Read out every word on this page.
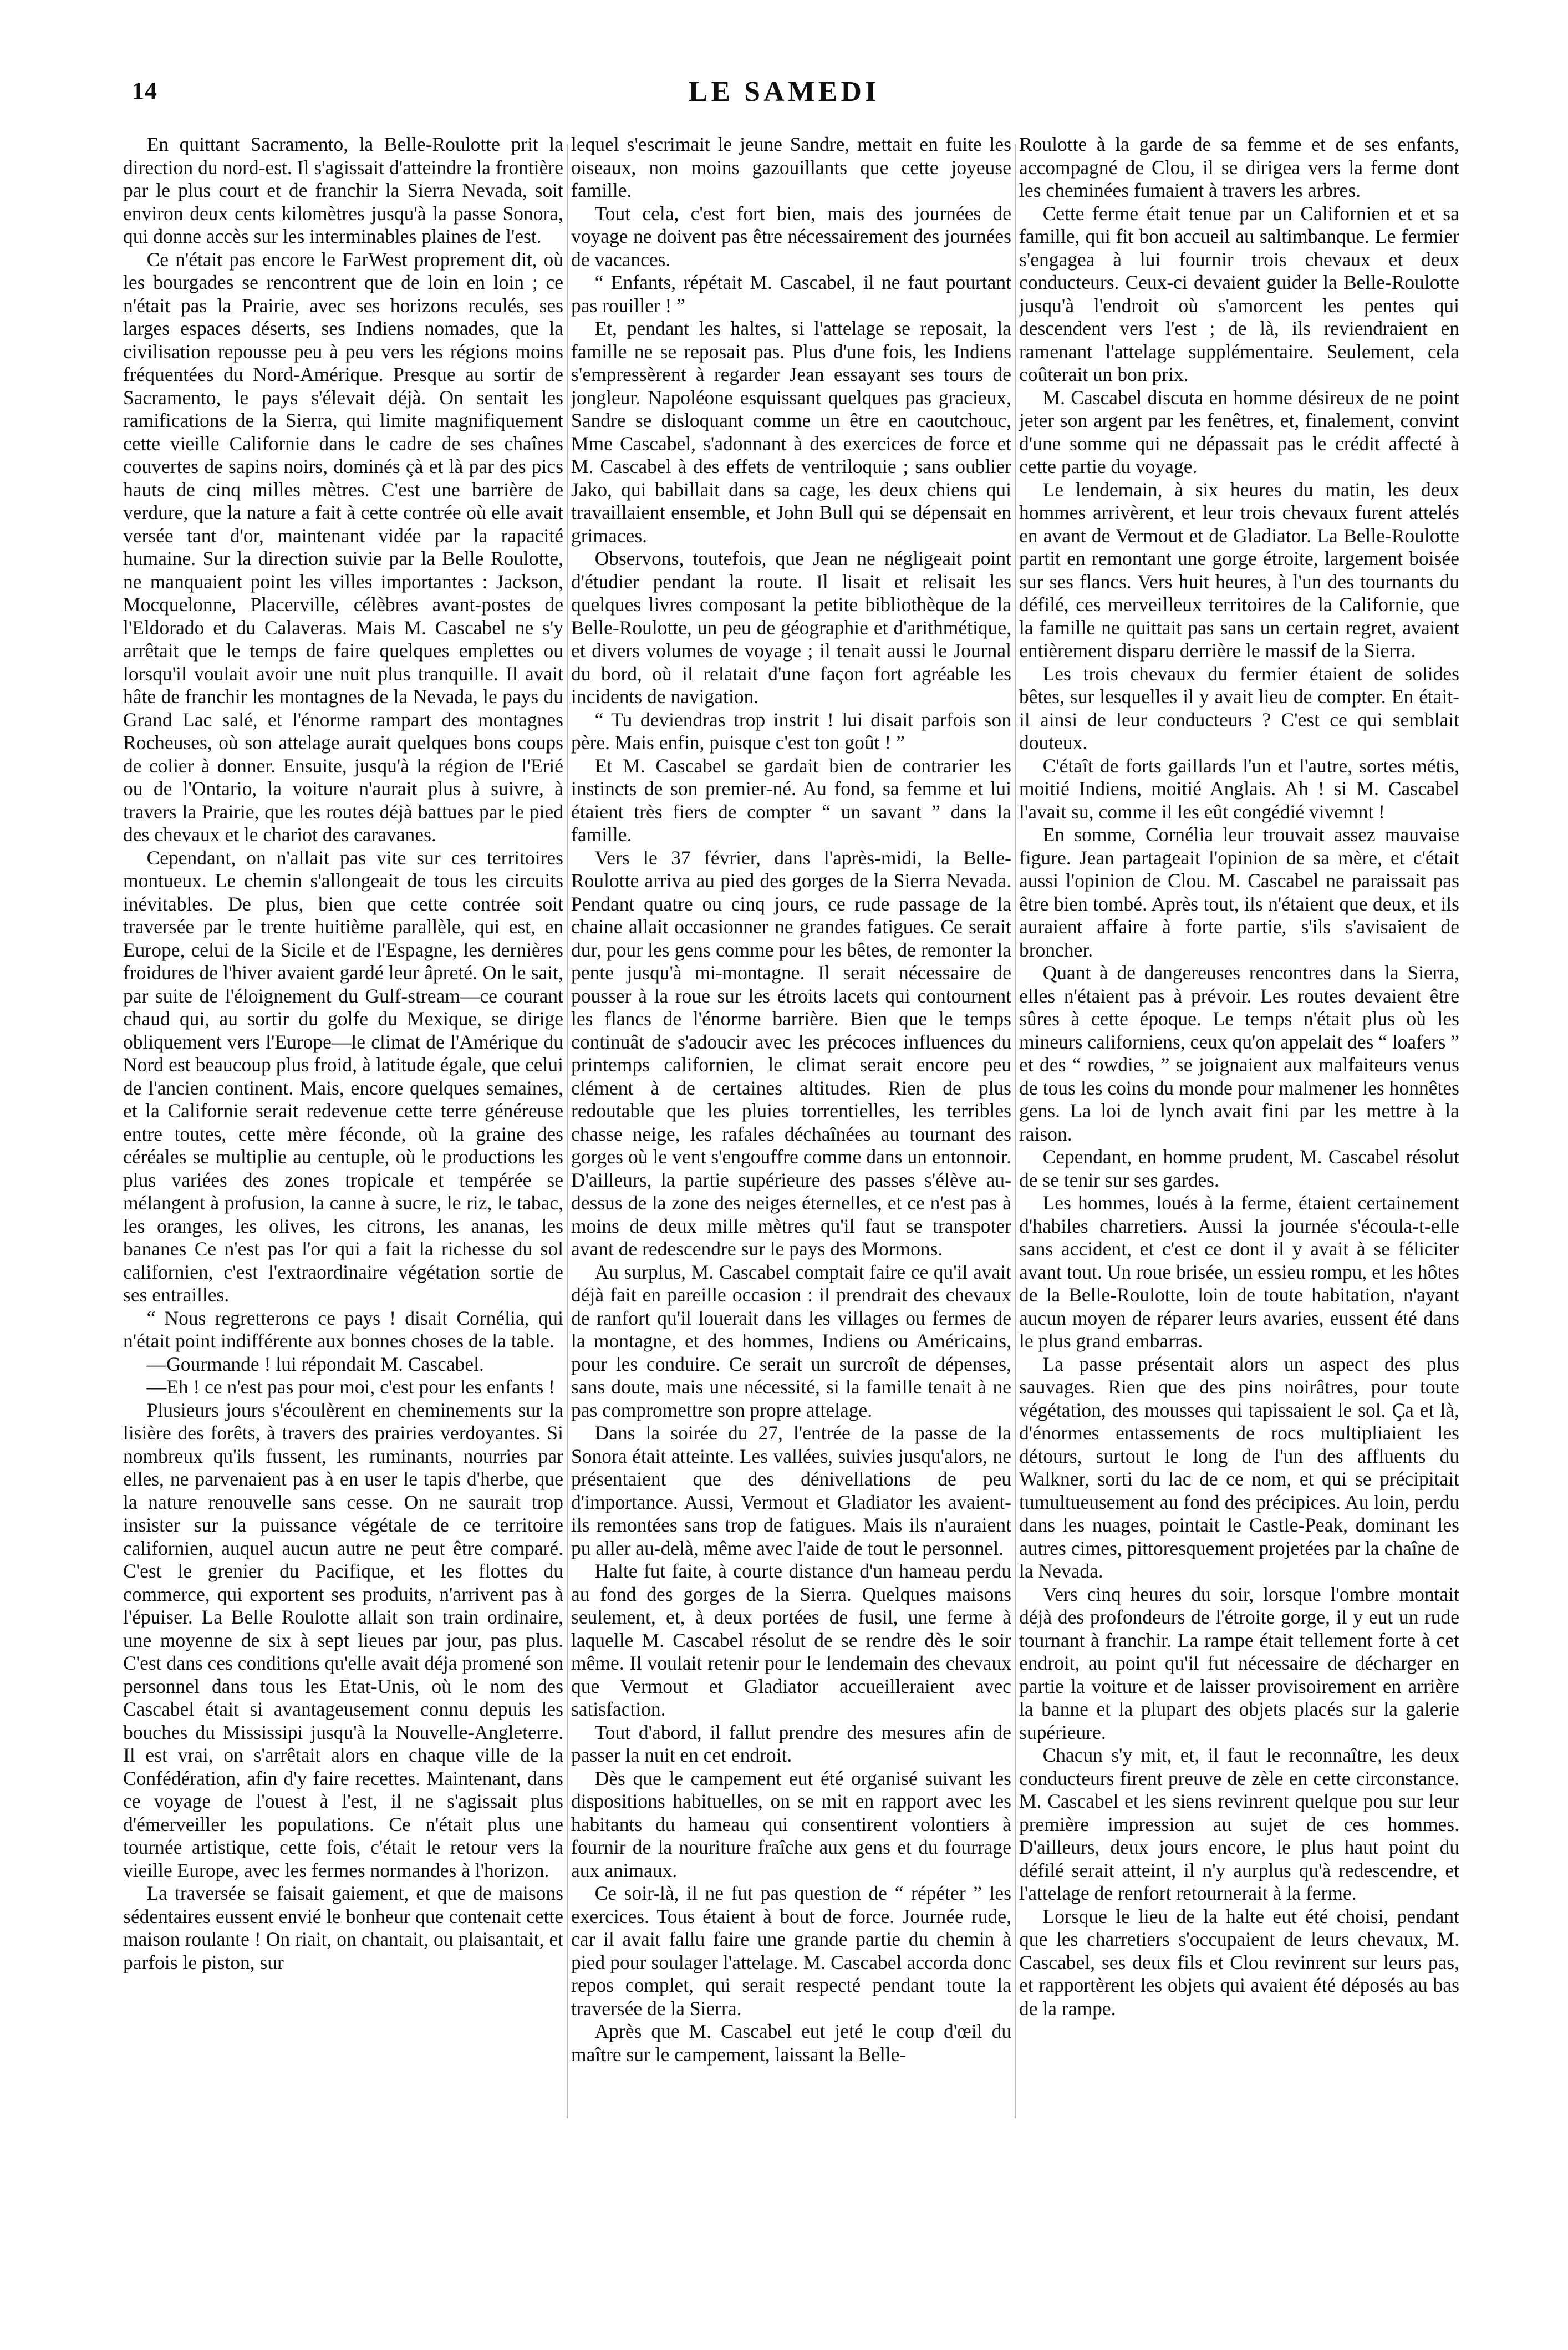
14	LE SAMEDI

En quittant Sacramento, la Belle-Roulotte prit la direction du nord-est. Il s'agissait d'atteindre la frontière par le plus court et de franchir la Sierra Nevada, soit environ deux cents kilomètres jusqu'à la passe Sonora, qui donne accès sur les interminables plaines de l'est.

Ce n'était pas encore le FarWest proprement dit, où les bourgades se rencontrent que de loin en loin ; ce n'était pas la Prairie, avec ses horizons reculés, ses larges espaces déserts, ses Indiens nomades, que la civilisation repousse peu à peu vers les régions moins fréquentées du Nord-Amérique. Presque au sortir de Sacramento, le pays s'élevait déjà. On sentait les ramifications de la Sierra, qui limite magnifiquement cette vieille Californie dans le cadre de ses chaînes couvertes de sapins noirs, dominés çà et là par des pics hauts de cinq milles mètres. C'est une barrière de verdure, que la nature a fait à cette contrée où elle avait versée tant d'or, maintenant vidée par la rapacité humaine. Sur la direction suivie par la Belle Roulotte, ne manquaient point les villes importantes : Jackson, Mocquelonne, Placerville, célèbres avant-postes de l'Eldorado et du Calaveras. Mais M. Cascabel ne s'y arrêtait que le temps de faire quelques emplettes ou lorsqu'il voulait avoir une nuit plus tranquille. Il avait hâte de franchir les montagnes de la Nevada, le pays du Grand Lac salé, et l'énorme rampart des montagnes Rocheuses, où son attelage aurait quelques bons coups de colier à donner. Ensuite, jusqu'à la région de l'Erié ou de l'Ontario, la voiture n'aurait plus à suivre, à travers la Prairie, que les routes déjà battues par le pied des chevaux et le chariot des caravanes.

Cependant, on n'allait pas vite sur ces territoires montueux. Le chemin s'allongeait de tous les circuits inévitables. De plus, bien que cette contrée soit traversée par le trente huitième parallèle, qui est, en Europe, celui de la Sicile et de l'Espagne, les dernières froidures de l'hiver avaient gardé leur âpreté. On le sait, par suite de l'éloignement du Gulf-stream—ce courant chaud qui, au sortir du golfe du Mexique, se dirige obliquement vers l'Europe—le climat de l'Amérique du Nord est beaucoup plus froid, à latitude égale, que celui de l'ancien continent. Mais, encore quelques semaines, et la Californie serait redevenue cette terre généreuse entre toutes, cette mère féconde, où la graine des céréales se multiplie au centuple, où le productions les plus variées des zones tropicale et tempérée se mélangent à profusion, la canne à sucre, le riz, le tabac, les oranges, les olives, les citrons, les ananas, les bananes Ce n'est pas l'or qui a fait la richesse du sol californien, c'est l'extraordinaire végétation sortie de ses entrailles.

“ Nous regretterons ce pays ! disait Cornélia, qui n'était point indifférente aux bonnes choses de la table.

—Gourmande ! lui répondait M. Cascabel.

—Eh ! ce n'est pas pour moi, c'est pour les enfants !

Plusieurs jours s'écoulèrent en cheminements sur la lisière des forêts, à travers des prairies verdoyantes. Si nombreux qu'ils fussent, les ruminants, nourries par elles, ne parvenaient pas à en user le tapis d'herbe, que la nature renouvelle sans cesse. On ne saurait trop insister sur la puissance végétale de ce territoire californien, auquel aucun autre ne peut être comparé. C'est le grenier du Pacifique, et les flottes du commerce, qui exportent ses produits, n'arrivent pas à l'épuiser. La Belle Roulotte allait son train ordinaire, une moyenne de six à sept lieues par jour, pas plus. C'est dans ces conditions qu'elle avait déja promené son personnel dans tous les Etat-Unis, où le nom des Cascabel était si avantageusement connu depuis les bouches du Mississipi jusqu'à la Nouvelle-Angleterre. Il est vrai, on s'arrêtait alors en chaque ville de la Confédération, afin d'y faire recettes. Maintenant, dans ce voyage de l'ouest à l'est, il ne s'agissait plus d'émerveiller les populations. Ce n'était plus une tournée artistique, cette fois, c'était le retour vers la vieille Europe, avec les fermes normandes à l'horizon.

La traversée se faisait gaiement, et que de maisons sédentaires eussent envié le bonheur que contenait cette maison roulante ! On riait, on chantait, ou plaisantait, et parfois le piston, sur

lequel s'escrimait le jeune Sandre, mettait en fuite les oiseaux, non moins gazouillants que cette joyeuse famille.

Tout cela, c'est fort bien, mais des journées de voyage ne doivent pas être nécessairement des journées de vacances.

“ Enfants, répétait M. Cascabel, il ne faut pourtant pas rouiller ! ”

Et, pendant les haltes, si l'attelage se reposait, la famille ne se reposait pas. Plus d'une fois, les Indiens s'empressèrent à regarder Jean essayant ses tours de jongleur. Napoléone esquissant quelques pas gracieux, Sandre se disloquant comme un être en caoutchouc, Mme Cascabel, s'adonnant à des exercices de force et M. Cascabel à des effets de ventriloquie ; sans oublier Jako, qui babillait dans sa cage, les deux chiens qui travaillaient ensemble, et John Bull qui se dépensait en grimaces.

Observons, toutefois, que Jean ne négligeait point d'étudier pendant la route. Il lisait et relisait les quelques livres composant la petite bibliothèque de la Belle-Roulotte, un peu de géographie et d'arithmétique, et divers volumes de voyage ; il tenait aussi le Journal du bord, où il relatait d'une façon fort agréable les incidents de navigation.

“ Tu deviendras trop instrit ! lui disait parfois son père. Mais enfin, puisque c'est ton goût ! ”

Et M. Cascabel se gardait bien de contrarier les instincts de son premier-né. Au fond, sa femme et lui étaient très fiers de compter “ un savant ” dans la famille.

Vers le 37 février, dans l'après-midi, la Belle-Roulotte arriva au pied des gorges de la Sierra Nevada. Pendant quatre ou cinq jours, ce rude passage de la chaine allait occasionner ne grandes fatigues. Ce serait dur, pour les gens comme pour les bêtes, de remonter la pente jusqu'à mi-montagne. Il serait nécessaire de pousser à la roue sur les étroits lacets qui contournent les flancs de l'énorme barrière. Bien que le temps continuât de s'adoucir avec les précoces influences du printemps californien, le climat serait encore peu clément à de certaines altitudes. Rien de plus redoutable que les pluies torrentielles, les terribles chasse neige, les rafales déchaînées au tournant des gorges où le vent s'engouffre comme dans un entonnoir. D'ailleurs, la partie supérieure des passes s'élève au-dessus de la zone des neiges éternelles, et ce n'est pas à moins de deux mille mètres qu'il faut se transpoter avant de redescendre sur le pays des Mormons.

Au surplus, M. Cascabel comptait faire ce qu'il avait déjà fait en pareille occasion : il prendrait des chevaux de ranfort qu'il louerait dans les villages ou fermes de la montagne, et des hommes, Indiens ou Américains, pour les conduire. Ce serait un surcroît de dépenses, sans doute, mais une nécessité, si la famille tenait à ne pas compromettre son propre attelage.

Dans la soirée du 27, l'entrée de la passe de la Sonora était atteinte. Les vallées, suivies jusqu'alors, ne présentaient que des dénivellations de peu d'importance. Aussi, Vermout et Gladiator les avaient-ils remontées sans trop de fatigues. Mais ils n'auraient pu aller au-delà, même avec l'aide de tout le personnel.

Halte fut faite, à courte distance d'un hameau perdu au fond des gorges de la Sierra. Quelques maisons seulement, et, à deux portées de fusil, une ferme à laquelle M. Cascabel résolut de se rendre dès le soir même. Il voulait retenir pour le lendemain des chevaux que Vermout et Gladiator accueilleraient avec satisfaction.

Tout d'abord, il fallut prendre des mesures afin de passer la nuit en cet endroit.

Dès que le campement eut été organisé suivant les dispositions habituelles, on se mit en rapport avec les habitants du hameau qui consentirent volontiers à fournir de la nouriture fraîche aux gens et du fourrage aux animaux.

Ce soir-là, il ne fut pas question de “ répéter ” les exercices. Tous étaient à bout de force. Journée rude, car il avait fallu faire une grande partie du chemin à pied pour soulager l'attelage. M. Cascabel accorda donc repos complet, qui serait respecté pendant toute la traversée de la Sierra.

Après que M. Cascabel eut jeté le coup d'œil du maître sur le campement, laissant la Belle-

Roulotte à la garde de sa femme et de ses enfants, accompagné de Clou, il se dirigea vers la ferme dont les cheminées fumaient à travers les arbres.

Cette ferme était tenue par un Californien et et sa famille, qui fit bon accueil au saltimbanque. Le fermier s'engagea à lui fournir trois chevaux et deux conducteurs. Ceux-ci devaient guider la Belle-Roulotte jusqu'à l'endroit où s'amorcent les pentes qui descendent vers l'est ; de là, ils reviendraient en ramenant l'attelage supplémentaire. Seulement, cela coûterait un bon prix.

M. Cascabel discuta en homme désireux de ne point jeter son argent par les fenêtres, et, finalement, convint d'une somme qui ne dépassait pas le crédit affecté à cette partie du voyage.

Le lendemain, à six heures du matin, les deux hommes arrivèrent, et leur trois chevaux furent attelés en avant de Vermout et de Gladiator. La Belle-Roulotte partit en remontant une gorge étroite, largement boisée sur ses flancs. Vers huit heures, à l'un des tournants du défilé, ces merveilleux territoires de la Californie, que la famille ne quittait pas sans un certain regret, avaient entièrement disparu derrière le massif de la Sierra.

Les trois chevaux du fermier étaient de solides bêtes, sur lesquelles il y avait lieu de compter. En était-il ainsi de leur conducteurs ? C'est ce qui semblait douteux.

C'étaît de forts gaillards l'un et l'autre, sortes métis, moitié Indiens, moitié Anglais. Ah ! si M. Cascabel l'avait su, comme il les eût congédié vivemnt !

En somme, Cornélia leur trouvait assez mauvaise figure. Jean partageait l'opinion de sa mère, et c'était aussi l'opinion de Clou. M. Cascabel ne paraissait pas être bien tombé. Après tout, ils n'étaient que deux, et ils auraient affaire à forte partie, s'ils s'avisaient de broncher.

Quant à de dangereuses rencontres dans la Sierra, elles n'étaient pas à prévoir. Les routes devaient être sûres à cette époque. Le temps n'était plus où les mineurs californiens, ceux qu'on appelait des “ loafers ” et des “ rowdies, ” se joignaient aux malfaiteurs venus de tous les coins du monde pour malmener les honnêtes gens. La loi de lynch avait fini par les mettre à la raison.

Cependant, en homme prudent, M. Cascabel résolut de se tenir sur ses gardes.

Les hommes, loués à la ferme, étaient certainement d'habiles charretiers. Aussi la journée s'écoula-t-elle sans accident, et c'est ce dont il y avait à se féliciter avant tout. Un roue brisée, un essieu rompu, et les hôtes de la Belle-Roulotte, loin de toute habitation, n'ayant aucun moyen de réparer leurs avaries, eussent été dans le plus grand embarras.

La passe présentait alors un aspect des plus sauvages. Rien que des pins noirâtres, pour toute végétation, des mousses qui tapissaient le sol. Ça et là, d'énormes entassements de rocs multipliaient les détours, surtout le long de l'un des affluents du Walkner, sorti du lac de ce nom, et qui se précipitait tumultueusement au fond des précipices. Au loin, perdu dans les nuages, pointait le Castle-Peak, dominant les autres cimes, pittoresquement projetées par la chaîne de la Nevada.

Vers cinq heures du soir, lorsque l'ombre montait déjà des profondeurs de l'étroite gorge, il y eut un rude tournant à franchir. La rampe était tellement forte à cet endroit, au point qu'il fut nécessaire de décharger en partie la voiture et de laisser provisoirement en arrière la banne et la plupart des objets placés sur la galerie supérieure.

Chacun s'y mit, et, il faut le reconnaître, les deux conducteurs firent preuve de zèle en cette circonstance. M. Cascabel et les siens revinrent quelque pou sur leur première impression au sujet de ces hommes. D'ailleurs, deux jours encore, le plus haut point du défilé serait atteint, il n'y aurplus qu'à redescendre, et l'attelage de renfort retournerait à la ferme.

Lorsque le lieu de la halte eut été choisi, pendant que les charretiers s'occupaient de leurs chevaux, M. Cascabel, ses deux fils et Clou revinrent sur leurs pas, et rapportèrent les objets qui avaient été déposés au bas de la rampe.
